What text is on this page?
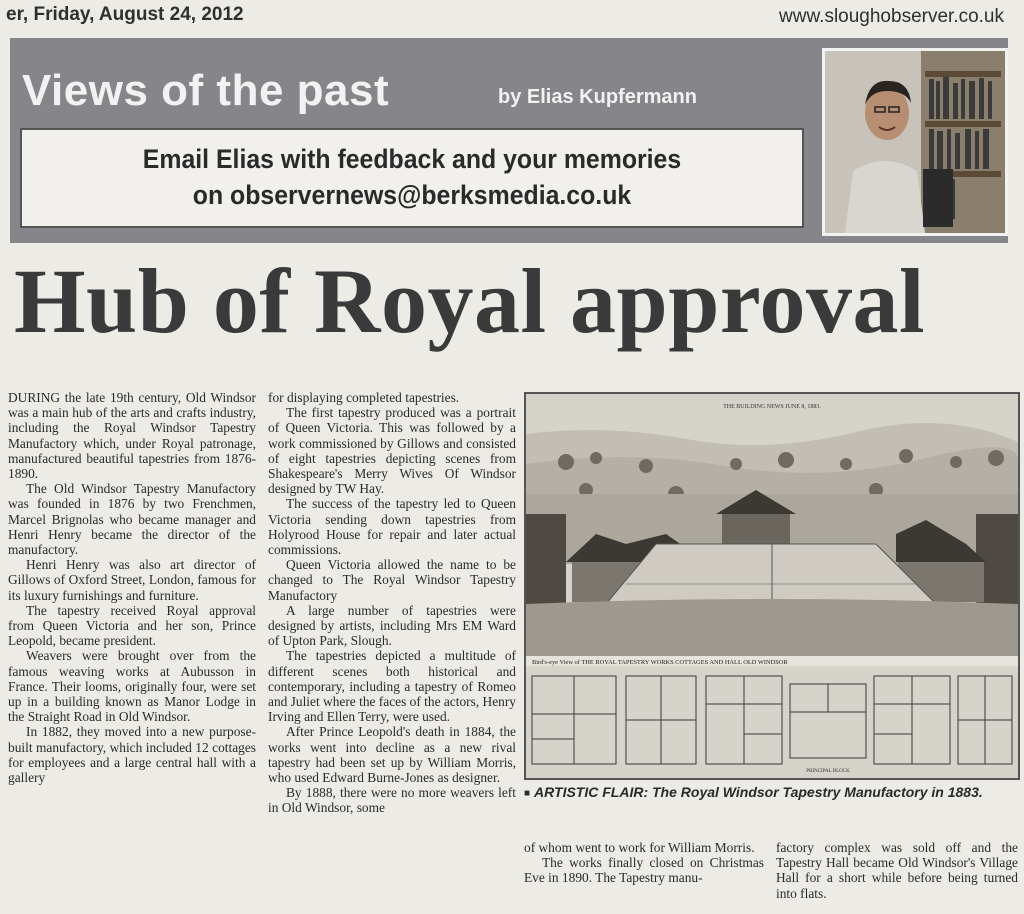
er, Friday, August 24, 2012	www.sloughobserver.co.uk
Views of the past	by Elias Kupfermann
Email Elias with feedback and your memories
on observernews@berksmedia.co.uk
Hub of Royal approval

DURING the late 19th century, Old Windsor was a main hub of the arts and crafts industry, including the Royal Windsor Tapestry Manufactory which, under Royal patronage, manufactured beautiful tapestries from 1876-1890.

The Old Windsor Tapestry Manufactory was founded in 1876 by two Frenchmen, Marcel Brignolas who became manager and Henri Henry became the director of the manufactory.

Henri Henry was also art director of Gillows of Oxford Street, London, famous for its luxury furnishings and furniture.

The tapestry received Royal approval from Queen Victoria and her son, Prince Leopold, became president.

Weavers were brought over from the famous weaving works at Aubusson in France. Their looms, originally four, were set up in a building known as Manor Lodge in the Straight Road in Old Windsor.

In 1882, they moved into a new purpose-built manufactory, which included 12 cottages for employees and a large central hall with a gallery

for displaying completed tapestries.

The first tapestry produced was a portrait of Queen Victoria. This was followed by a work commissioned by Gillows and consisted of eight tapestries depicting scenes from Shakespeare's Merry Wives Of Windsor designed by TW Hay.

The success of the tapestry led to Queen Victoria sending down tapestries from Holyrood House for repair and later actual commissions.

Queen Victoria allowed the name to be changed to The Royal Windsor Tapestry Manufactory

A large number of tapestries were designed by artists, including Mrs EM Ward of Upton Park, Slough.

The tapestries depicted a multitude of different scenes both historical and contemporary, including a tapestry of Romeo and Juliet where the faces of the actors, Henry Irving and Ellen Terry, were used.

After Prince Leopold's death in 1884, the works went into decline as a new rival tapestry had been set up by William Morris, who used Edward Burne-Jones as designer.

By 1888, there were no more weavers left in Old Windsor, some

THE BUILDING NEWS JUNE 8, 1883.
Bird's-eye View of THE ROYAL TAPESTRY WORKS COTTAGES AND HALL OLD WINDSOR
PRINCIPAL BLOCK
■ ARTISTIC FLAIR: The Royal Windsor Tapestry Manufactory in 1883.

of whom went to work for William Morris.

The works finally closed on Christmas Eve in 1890. The Tapestry manu-

factory complex was sold off and the Tapestry Hall became Old Windsor's Village Hall for a short while before being turned into flats.
